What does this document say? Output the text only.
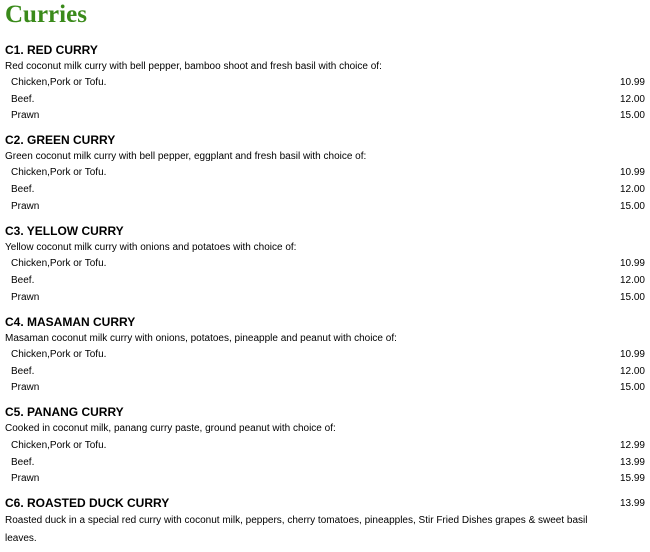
Curries
C1. RED CURRY
Red coconut milk curry with bell pepper, bamboo shoot and fresh basil with choice of:
Chicken,Pork or Tofu.	10.99
Beef.	12.00
Prawn	15.00
C2. GREEN CURRY
Green coconut milk curry with bell pepper, eggplant and fresh basil with choice of:
Chicken,Pork or Tofu.	10.99
Beef.	12.00
Prawn	15.00
C3. YELLOW CURRY
Yellow coconut milk curry with onions and potatoes with choice of:
Chicken,Pork or Tofu.	10.99
Beef.	12.00
Prawn	15.00
C4. MASAMAN CURRY
Masaman coconut milk curry with onions, potatoes, pineapple and peanut with choice of:
Chicken,Pork or Tofu.	10.99
Beef.	12.00
Prawn	15.00
C5. PANANG CURRY
Cooked in coconut milk, panang curry paste, ground peanut with choice of:
Chicken,Pork or Tofu.	12.99
Beef.	13.99
Prawn	15.99
C6. ROASTED DUCK CURRY	13.99
Roasted duck in a special red curry with coconut milk, peppers, cherry tomatoes, pineapples, Stir Fried Dishes grapes & sweet basil leaves.
